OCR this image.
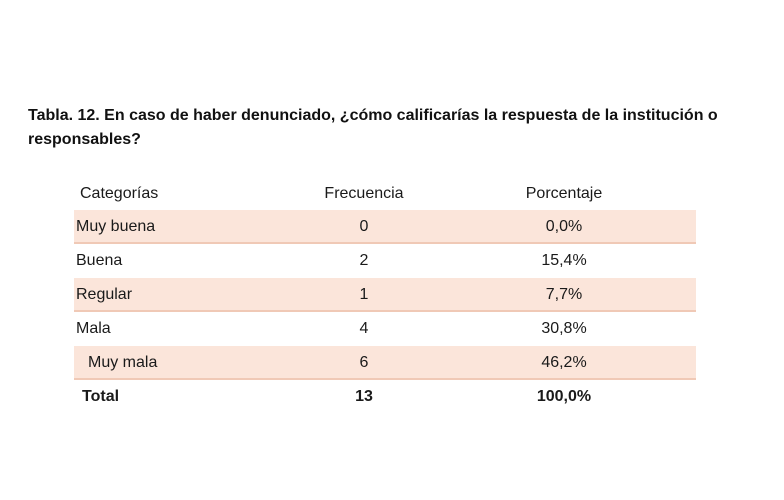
Tabla. 12. En caso de haber denunciado, ¿cómo calificarías la respuesta de la institución o responsables?

Categorías	Frecuencia	Porcentaje
Muy buena	0	0,0%
Buena	2	15,4%
Regular	1	7,7%
Mala	4	30,8%
Muy mala	6	46,2%
Total	13	100,0%
